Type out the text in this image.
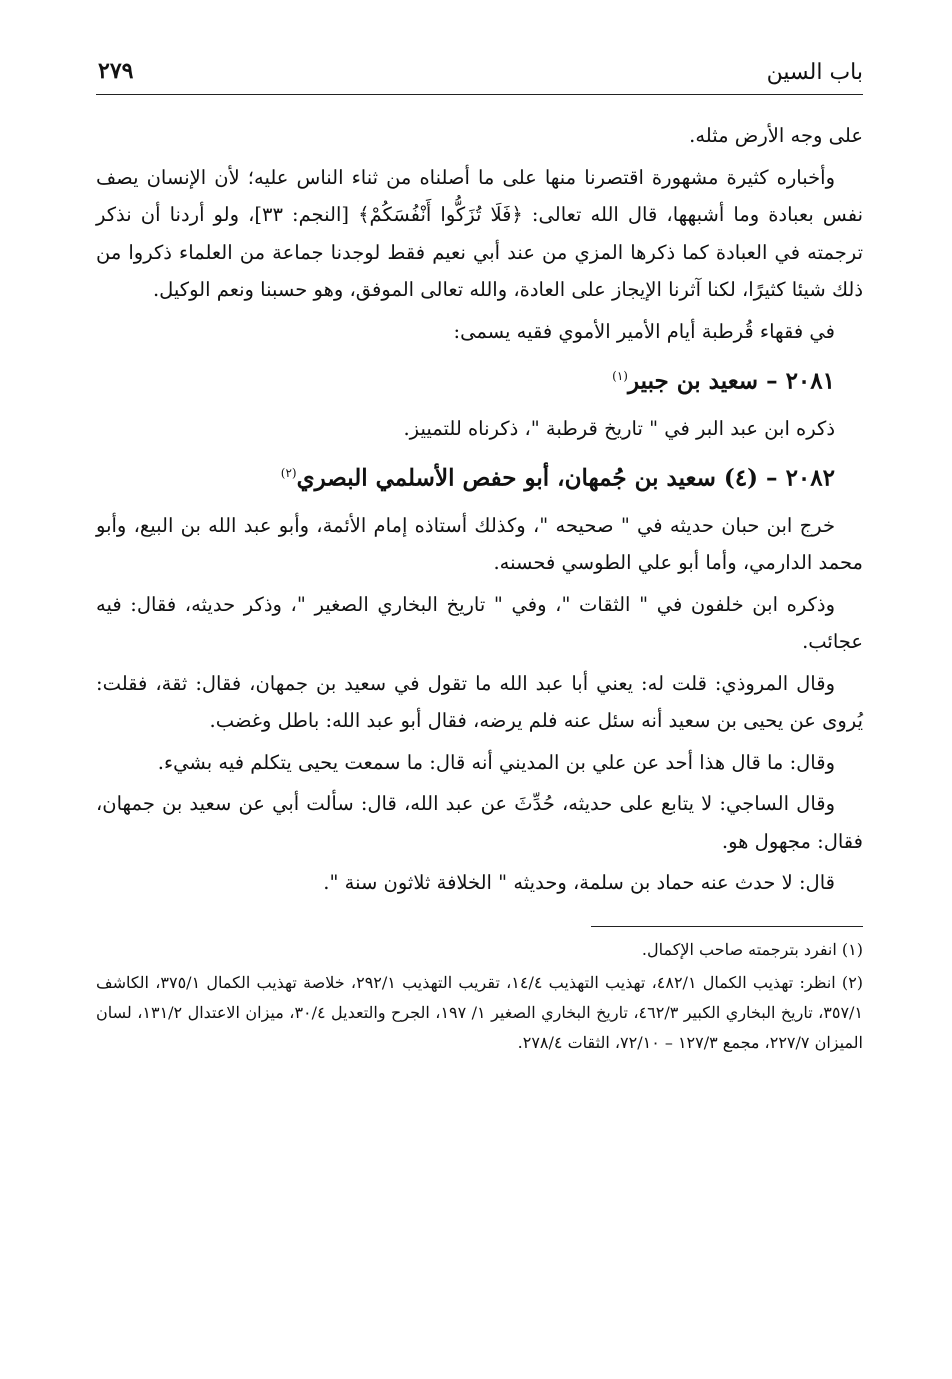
باب السين
٢٧٩

على وجه الأرض مثله.

وأخباره كثيرة مشهورة اقتصرنا منها على ما أصلناه من ثناء الناس عليه؛ لأن الإنسان يصف نفس بعبادة وما أشبهها، قال الله تعالى: ﴿فَلَا تُزَكُّوا أَنْفُسَكُمْ﴾ [النجم: ٣٣]، ولو أردنا أن نذكر ترجمته في العبادة كما ذكرها المزي من عند أبي نعيم فقط لوجدنا جماعة من العلماء ذكروا من ذلك شيئا كثيرًا، لكنا آثرنا الإيجاز على العادة، والله تعالى الموفق، وهو حسبنا ونعم الوكيل.

في فقهاء قُرطبة أيام الأمير الأموي فقيه يسمى:

٢٠٨١ – سعيد بن جبير$^{(١)}$

ذكره ابن عبد البر في " تاريخ قرطبة "، ذكرناه للتمييز.

٢٠٨٢ – (٤) سعيد بن جُمهان، أبو حفص الأسلمي البصري$^{(٢)}$

خرج ابن حبان حديثه في " صحيحه "، وكذلك أستاذه إمام الأئمة، وأبو عبد الله بن البيع، وأبو محمد الدارمي، وأما أبو علي الطوسي فحسنه.

وذكره ابن خلفون في " الثقات "، وفي " تاريخ البخاري الصغير "، وذكر حديثه، فقال: فيه عجائب.

وقال المروذي: قلت له: يعني أبا عبد الله ما تقول في سعيد بن جمهان، فقال: ثقة، فقلت: يُروى عن يحيى بن سعيد أنه سئل عنه فلم يرضه، فقال أبو عبد الله: باطل وغضب.

وقال: ما قال هذا أحد عن علي بن المديني أنه قال: ما سمعت يحيى يتكلم فيه بشيء.

وقال الساجي: لا يتابع على حديثه، حُدِّثَ عن عبد الله، قال: سألت أبي عن سعيد بن جمهان، فقال: مجهول هو.

قال: لا حدث عنه حماد بن سلمة، وحديثه " الخلافة ثلاثون سنة ".

(١) انفرد بترجمته صاحب الإكمال.

(٢) انظر: تهذيب الكمال ٤٨٢/١، تهذيب التهذيب ١٤/٤، تقريب التهذيب ٢٩٢/١، خلاصة تهذيب الكمال ٣٧٥/١، الكاشف ٣٥٧/١، تاريخ البخاري الكبير ٤٦٢/٣، تاريخ البخاري الصغير ١/ ١٩٧، الجرح والتعديل ٣٠/٤، ميزان الاعتدال ١٣١/٢، لسان الميزان ٢٢٧/٧، مجمع ١٢٧/٣ – ٧٢/١٠، الثقات ٢٧٨/٤.
